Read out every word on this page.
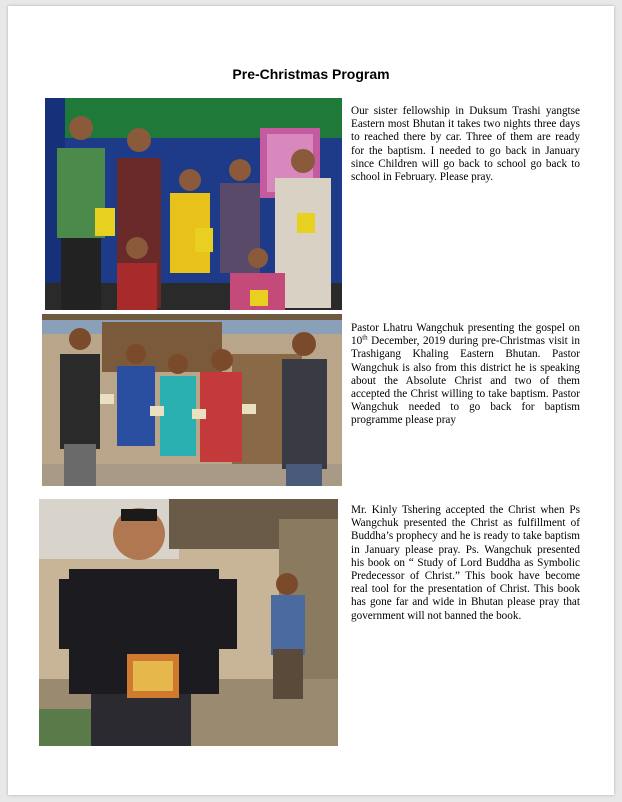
Pre-Christmas Program
Our sister fellowship in Duksum Trashi yangtse Eastern most Bhutan it takes two nights three days to reached there by car. Three of them are ready for the baptism. I needed to go back in January since Children will go back to school go back to school in February. Please pray.
Pastor Lhatru Wangchuk presenting the gospel on 10th December, 2019 during pre-Christmas visit in Trashigang Khaling Eastern Bhutan. Pastor Wangchuk is also from this district he is speaking about the Absolute Christ and two of them accepted the Christ willing to take baptism. Pastor Wangchuk needed to go back for baptism programme please pray
Mr. Kinly Tshering accepted the Christ when Ps Wangchuk presented the Christ as fulfillment of Buddha’s prophecy and he is ready to take baptism in January please pray. Ps. Wangchuk presented his book on “ Study of Lord Buddha as Symbolic Predecessor of Christ.” This book have become real tool for the presentation of Christ. This book has gone far and wide in Bhutan please pray that government will not banned the book.
